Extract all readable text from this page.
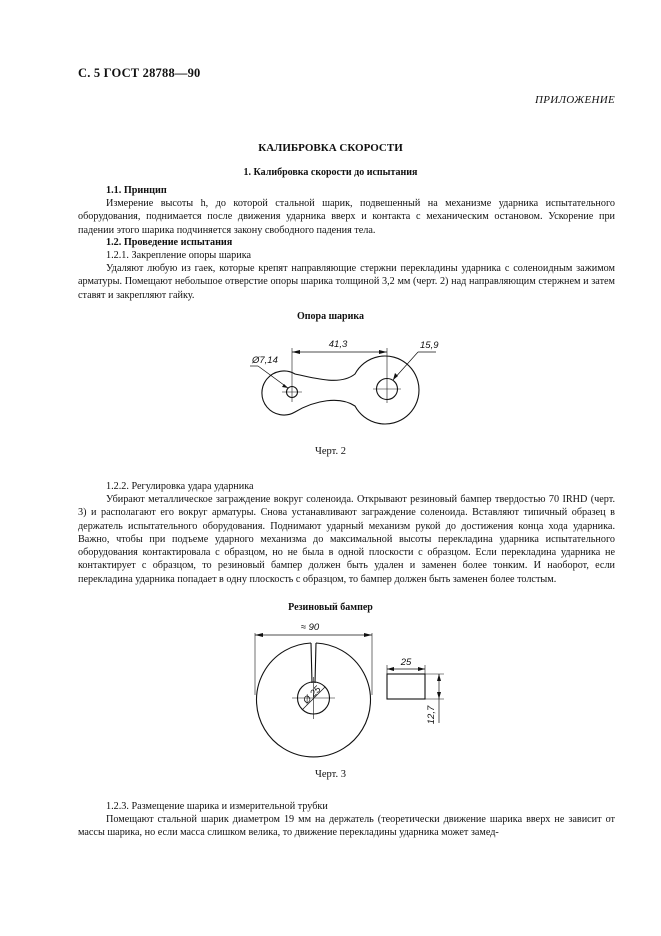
С. 5 ГОСТ 28788—90
ПРИЛОЖЕНИЕ
КАЛИБРОВКА СКОРОСТИ
1. Калибровка скорости до испытания
1.1. Принцип

Измерение высоты h, до которой стальной шарик, подвешенный на механизме ударника испытательного оборудования, поднимается после движения ударника вверх и контакта с механическим остановом. Ускорение при падении этого шарика подчиняется закону свободного падения тела.

1.2. Проведение испытания
1.2.1. Закрепление опоры шарика

Удаляют любую из гаек, которые крепят направляющие стержни перекладины ударника с соленоидным зажимом арматуры. Помещают небольшое отверстие опоры шарика толщиной 3,2 мм (черт. 2) над направляющим стержнем и затем ставят и закрепляют гайку.

Опора шарика
41,3	15,9
Ø7,14
Черт. 2
1.2.2. Регулировка удара ударника

Убирают металлическое заграждение вокруг соленоида. Открывают резиновый бампер твердостью 70 IRHD (черт. 3) и располагают его вокруг арматуры. Снова устанавливают заграждение соленоида. Вставляют типичный образец в держатель испытательного оборудования. Поднимают ударный механизм рукой до достижения конца хода ударника. Важно, чтобы при подъеме ударного механизма до максимальной высоты перекладина ударника испытательного оборудования контактировала с образцом, но не была в одной плоскости с образцом. Если перекладина ударника не контактирует с образцом, то резиновый бампер должен быть удален и заменен более тонким. И наоборот, если перекладина ударника попадает в одну плоскость с образцом, то бампер должен быть заменен более толстым.

Резиновый бампер
≈ 90
Ø 25
25
12,7
Черт. 3
1.2.3. Размещение шарика и измерительной трубки

Помещают стальной шарик диаметром 19 мм на держатель (теоретически движение шарика вверх не зависит от массы шарика, но если масса слишком велика, то движение перекладины ударника может замед-
